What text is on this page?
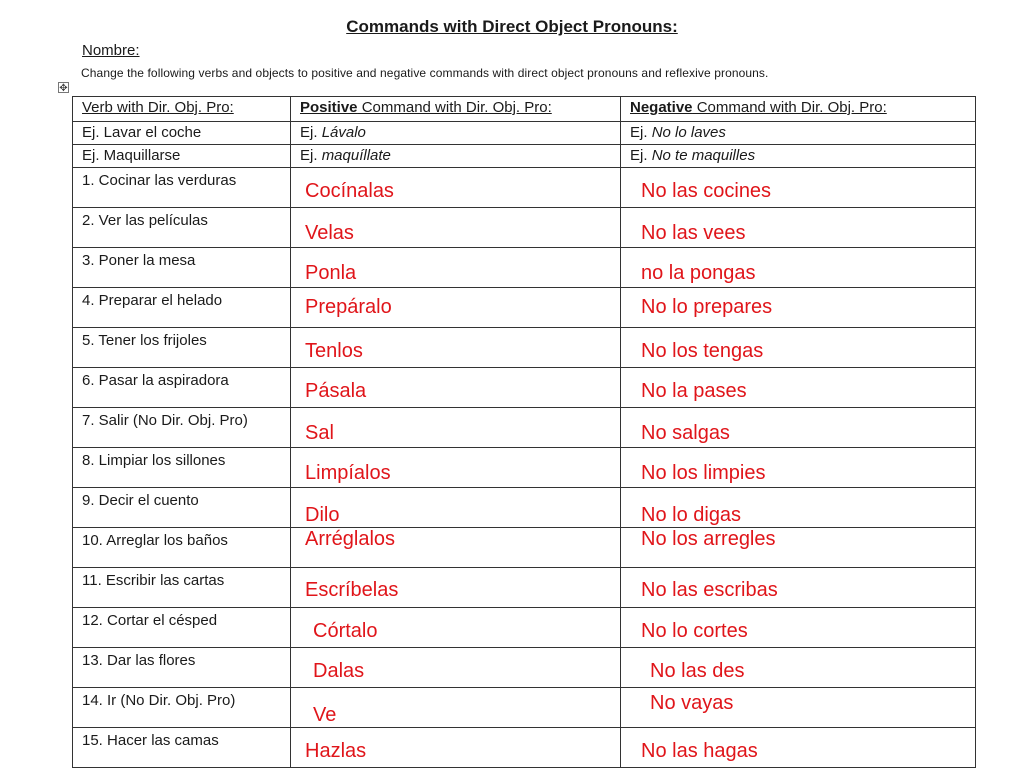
Commands with Direct Object Pronouns:
Nombre:
Change the following verbs and objects to positive and negative commands with direct object pronouns and reflexive pronouns.
✥
Verb with Dir. Obj. Pro:	Positive Command with Dir. Obj. Pro:	Negative Command with Dir. Obj. Pro:
Ej. Lavar el coche	Ej. Lávalo	Ej. No lo laves
Ej. Maquillarse	Ej. maquíllate	Ej. No te maquilles

1. Cocinar las verduras	Cocínalas	No las cocines

2. Ver las películas	Velas	No las vees

3. Poner la mesa	Ponla	no la pongas

4. Preparar el helado	Prepáralo	No lo prepares

5. Tener los frijoles	Tenlos	No los tengas

6. Pasar la aspiradora	Pásala	No la pases

7. Salir (No Dir. Obj. Pro)	Sal	No salgas

8. Limpiar los sillones	Limpíalos	No los limpies

9. Decir el cuento	Dilo	No lo digas

10. Arreglar los baños	Arréglalos	No los arregles

11. Escribir las cartas	Escríbelas	No las escribas

12. Cortar el césped	Córtalo	No lo cortes

13. Dar las flores	Dalas	No las des

14. Ir (No Dir. Obj. Pro)	Ve	No vayas

15. Hacer las camas	Hazlas	No las hagas
